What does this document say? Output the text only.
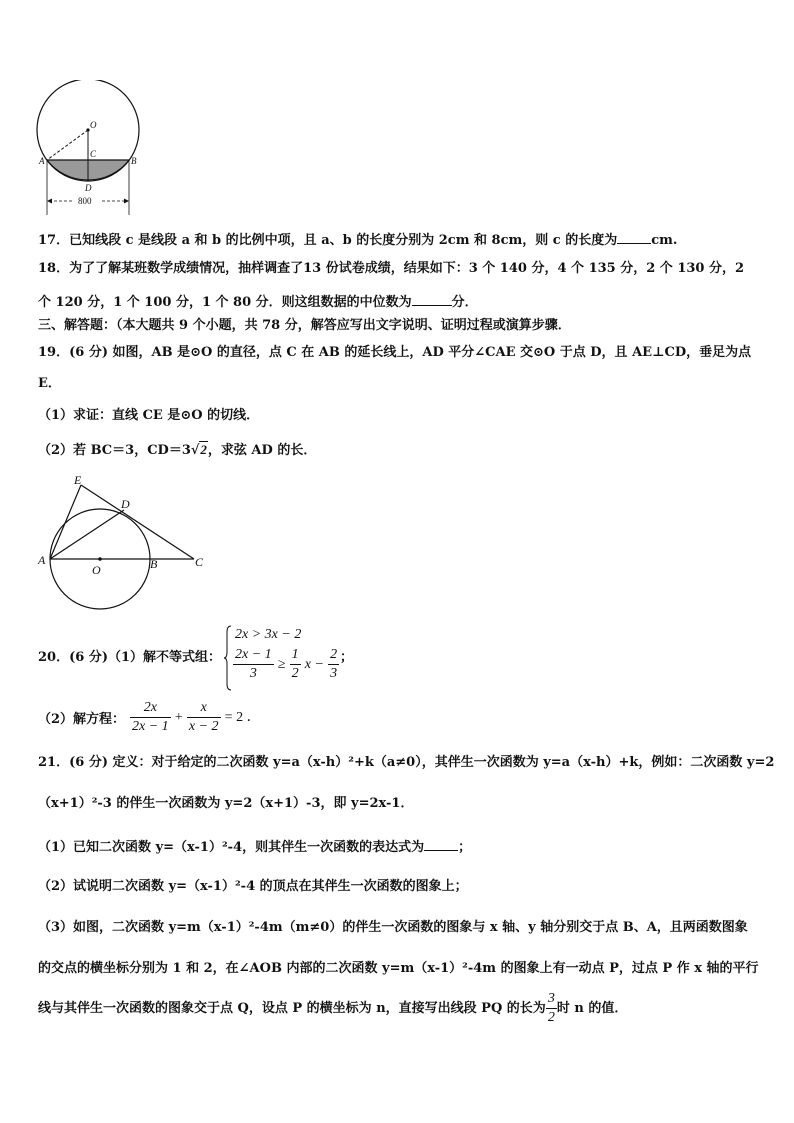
O
A	B
C
D
800
17．已知线段 c 是线段 a 和 b 的比例中项，且 a、b 的长度分别为 2cm 和 8cm，则 c 的长度为	cm.
18．为了了解某班数学成绩情况，抽样调查了13 份试卷成绩，结果如下：3 个 140 分，4 个 135 分，2 个 130 分，2
个 120 分，1 个 100 分，1 个 80 分．则这组数据的中位数为	分．
三、解答题：（本大题共 9 个小题，共 78 分，解答应写出文字说明、证明过程或演算步骤．
19．(6 分) 如图，AB 是⊙O 的直径，点 C 在 AB 的延长线上，AD 平分∠CAE 交⊙O 于点 D，且 AE⊥CD，垂足为点
E．
（1）求证：直线 CE 是⊙O 的切线．
（2）若 BC＝3，CD＝3√2，求弦 AD 的长．
E
D
A
O	B	C
20．(6 分)（1）解不等式组：
2x > 3x − 2
$\frac{2x - 1}{3} \ge \frac{1}{2}$ $x - \frac{2}{3}$ ；
（2）解方程： $\frac{2x}{2x - 1} + \frac{x}{x - 2} = 2$ ．
21．(6 分) 定义：对于给定的二次函数 y=a（x-h）²+k（a≠0），其伴生一次函数为 y=a（x-h）+k，例如：二次函数 y=2
（x+1）²-3 的伴生一次函数为 y=2（x+1）-3，即 y=2x-1．
（1）已知二次函数 y=（x-1）²-4，则其伴生一次函数的表达式为	；
（2）试说明二次函数 y=（x-1）²-4 的顶点在其伴生一次函数的图象上；
（3）如图，二次函数 y=m（x-1）²-4m（m≠0）的伴生一次函数的图象与 x 轴、y 轴分别交于点 B、A，且两函数图象
的交点的横坐标分别为 1 和 2，在∠AOB 内部的二次函数 y=m（x-1）²-4m 的图象上有一动点 P，过点 P 作 x 轴的平行
线与其伴生一次函数的图象交于点 Q，设点 P 的横坐标为 n，直接写出线段 PQ 的长为 $\frac{3}{2}$ 时 n 的值．
